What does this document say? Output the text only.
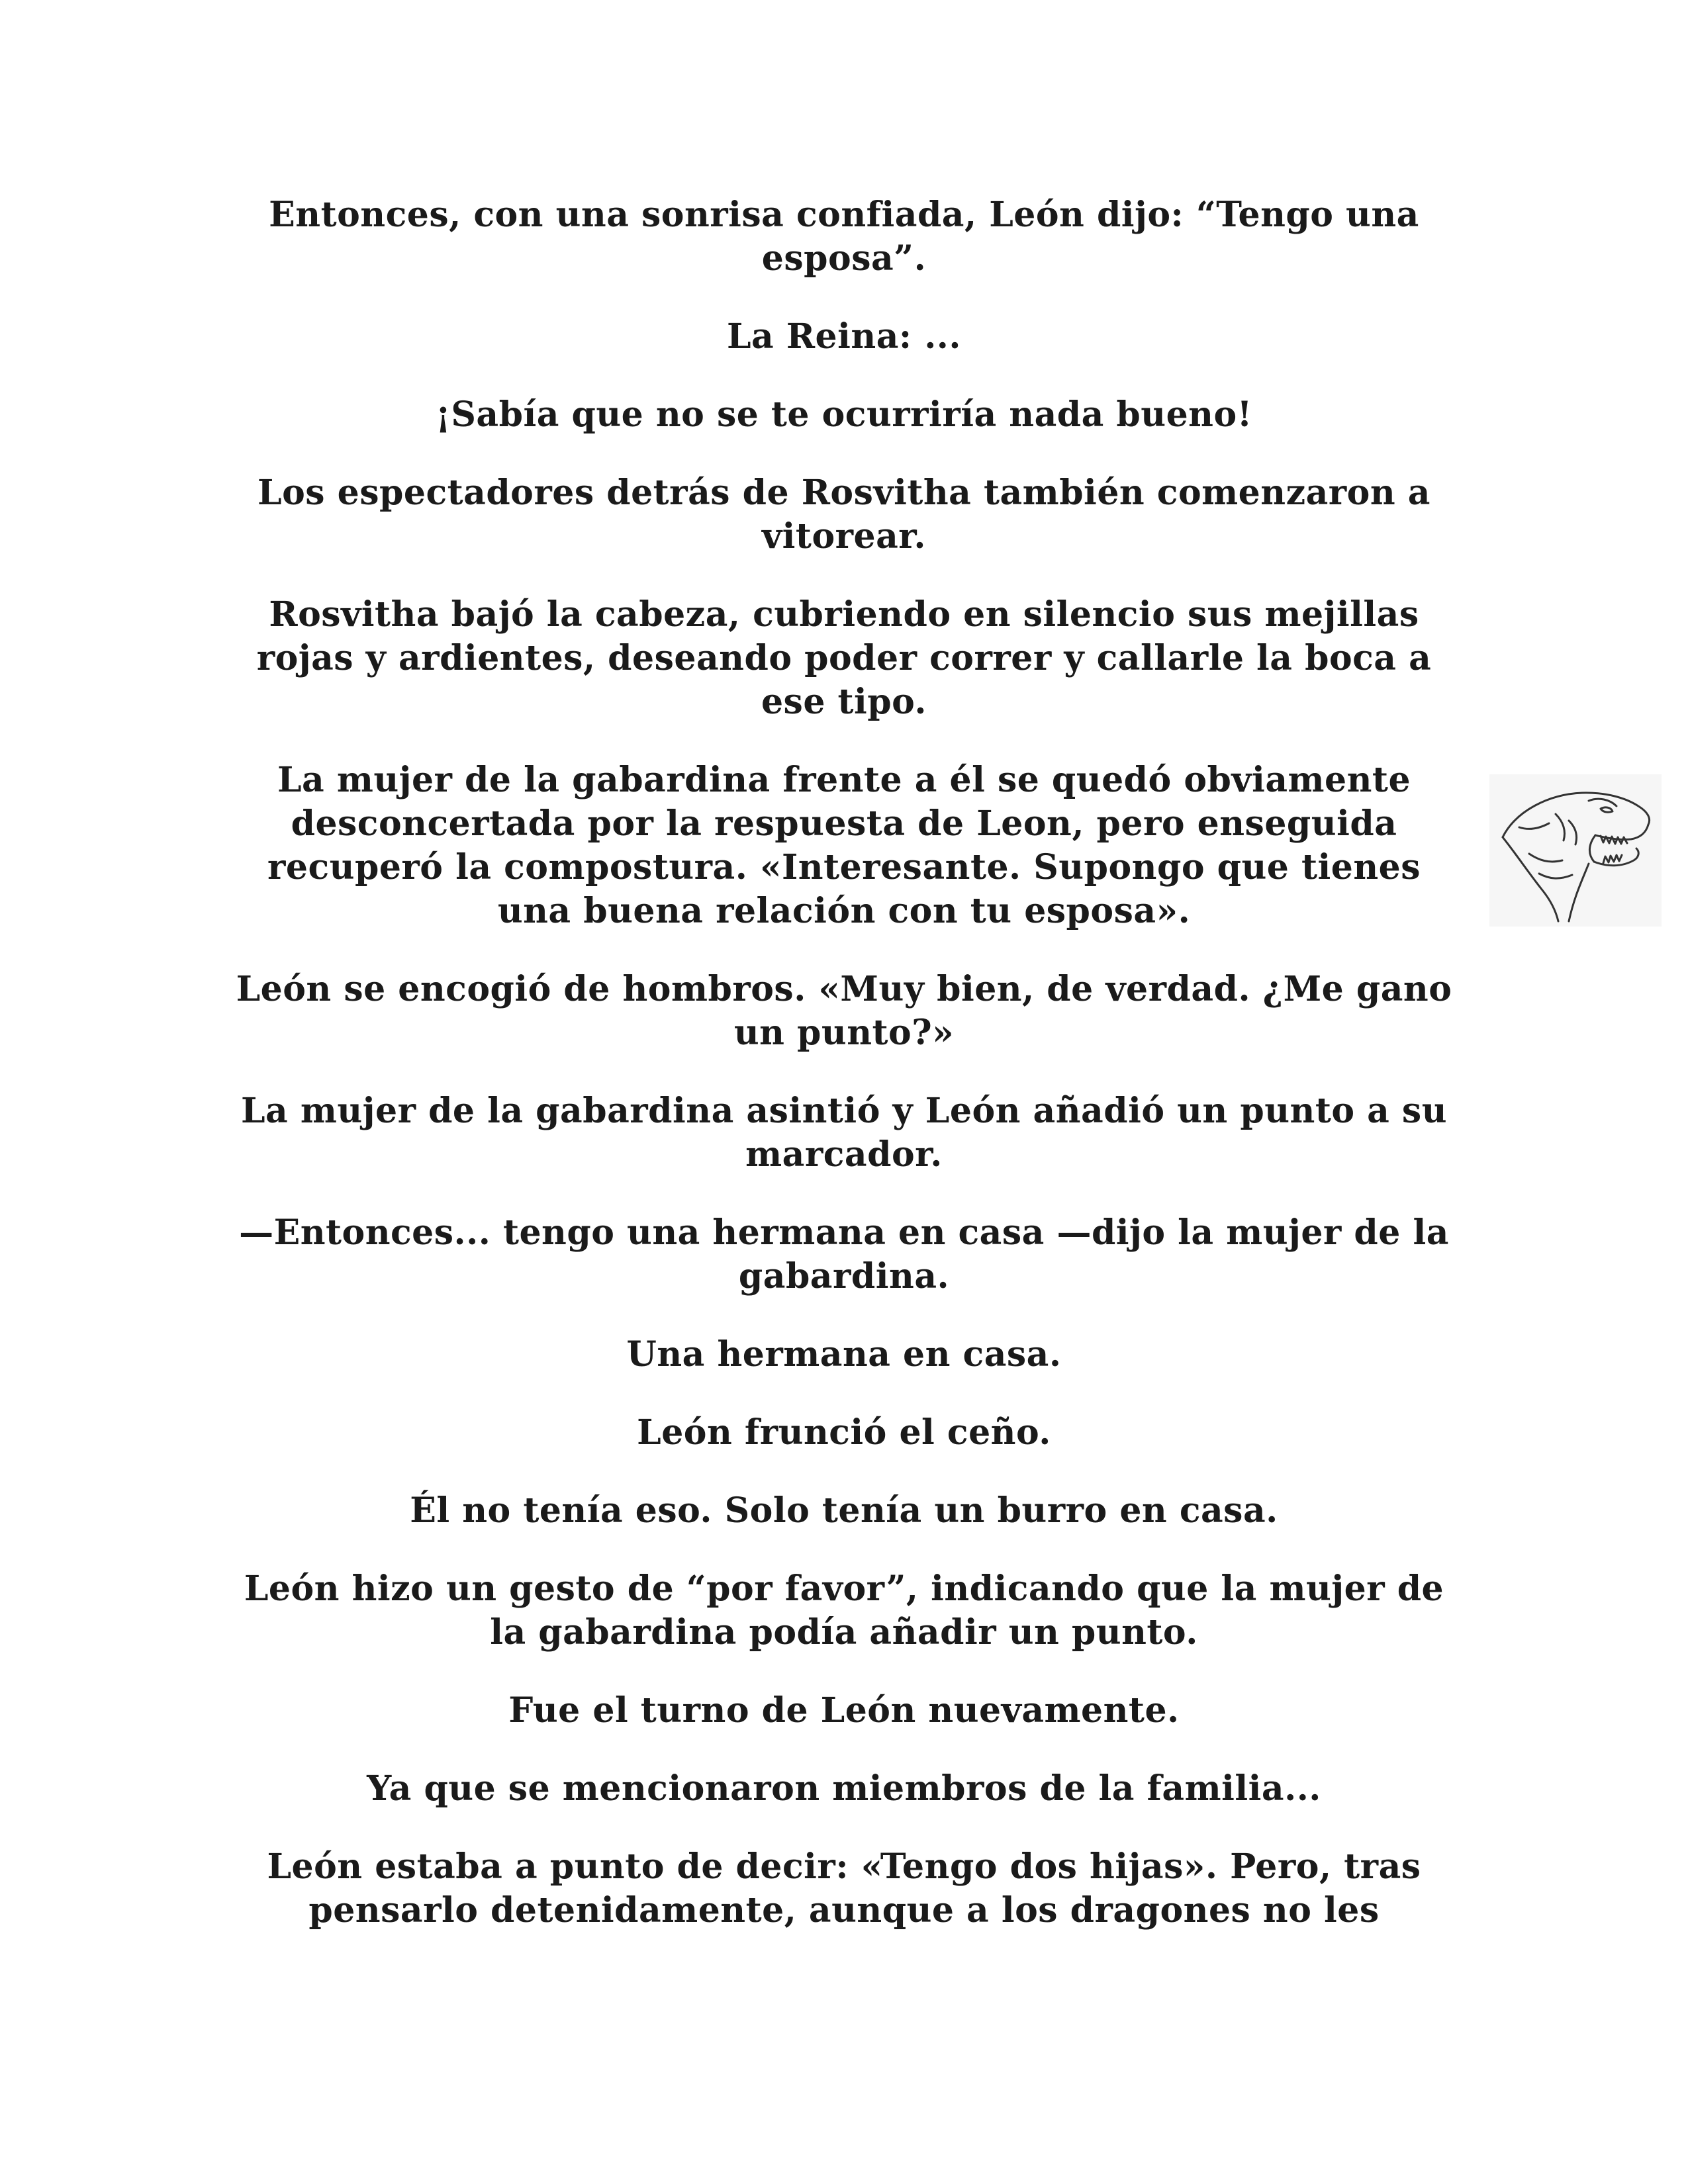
Entonces, con una sonrisa confiada, León dijo: “Tengo una esposa”.

La Reina: ...

¡Sabía que no se te ocurriría nada bueno!

Los espectadores detrás de Rosvitha también comenzaron a vitorear.

Rosvitha bajó la cabeza, cubriendo en silencio sus mejillas rojas y ardientes, deseando poder correr y callarle la boca a ese tipo.

La mujer de la gabardina frente a él se quedó obviamente desconcertada por la respuesta de Leon, pero enseguida recuperó la compostura. «Interesante. Supongo que tienes una buena relación con tu esposa».

León se encogió de hombros. «Muy bien, de verdad. ¿Me gano un punto?»

La mujer de la gabardina asintió y León añadió un punto a su marcador.

—Entonces... tengo una hermana en casa —dijo la mujer de la gabardina.

Una hermana en casa.

León frunció el ceño.

Él no tenía eso. Solo tenía un burro en casa.

León hizo un gesto de “por favor”, indicando que la mujer de la gabardina podía añadir un punto.

Fue el turno de León nuevamente.

Ya que se mencionaron miembros de la familia...

León estaba a punto de decir: «Tengo dos hijas». Pero, tras pensarlo detenidamente, aunque a los dragones no les
